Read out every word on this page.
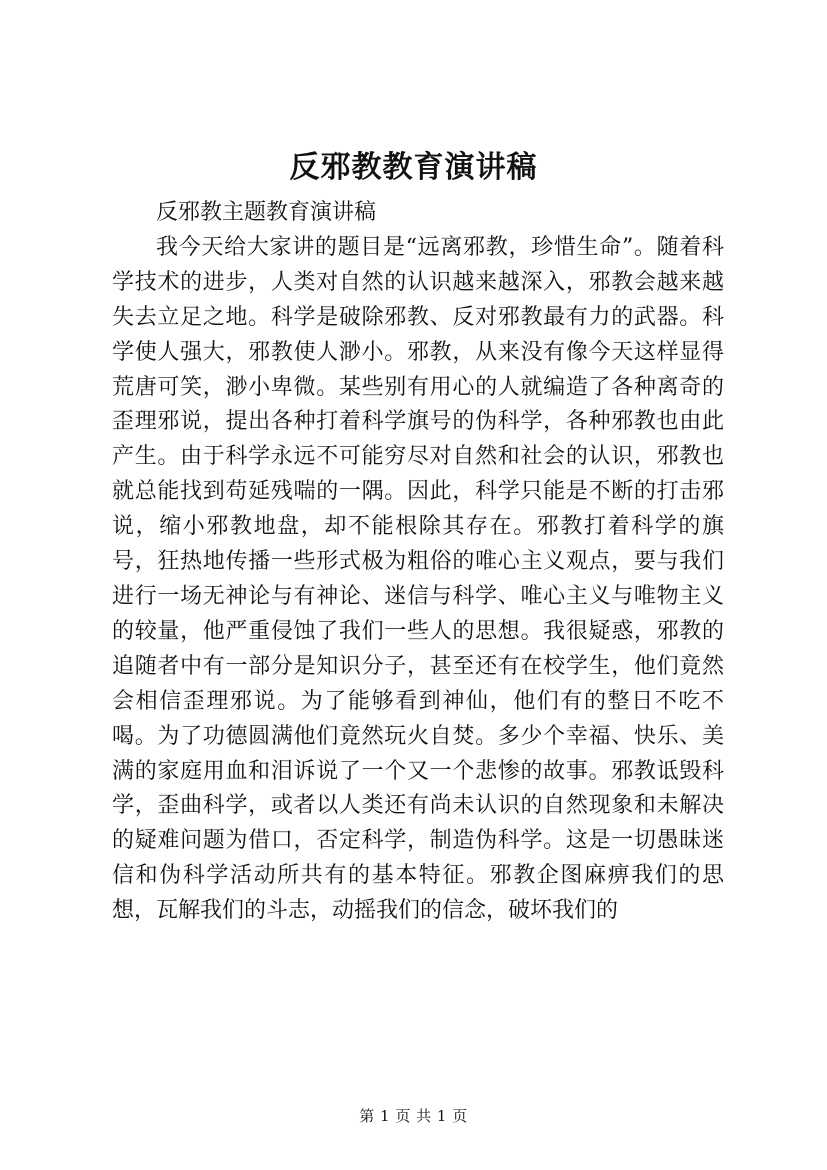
反邪教教育演讲稿

反邪教主题教育演讲稿

我今天给大家讲的题目是“远离邪教，珍惜生命”。随着科学技术的进步，人类对自然的认识越来越深入，邪教会越来越失去立足之地。科学是破除邪教、反对邪教最有力的武器。科学使人强大，邪教使人渺小。邪教，从来没有像今天这样显得荒唐可笑，渺小卑微。某些别有用心的人就编造了各种离奇的歪理邪说，提出各种打着科学旗号的伪科学，各种邪教也由此产生。由于科学永远不可能穷尽对自然和社会的认识，邪教也就总能找到苟延残喘的一隅。因此，科学只能是不断的打击邪说，缩小邪教地盘，却不能根除其存在。邪教打着科学的旗号，狂热地传播一些形式极为粗俗的唯心主义观点，要与我们进行一场无神论与有神论、迷信与科学、唯心主义与唯物主义的较量，他严重侵蚀了我们一些人的思想。我很疑惑，邪教的追随者中有一部分是知识分子，甚至还有在校学生，他们竟然会相信歪理邪说。为了能够看到神仙，他们有的整日不吃不喝。为了功德圆满他们竟然玩火自焚。多少个幸福、快乐、美满的家庭用血和泪诉说了一个又一个悲惨的故事。邪教诋毁科学，歪曲科学，或者以人类还有尚未认识的自然现象和未解决的疑难问题为借口，否定科学，制造伪科学。这是一切愚昧迷信和伪科学活动所共有的基本特征。邪教企图麻痹我们的思想，瓦解我们的斗志，动摇我们的信念，破坏我们的

第 1 页 共 1 页
